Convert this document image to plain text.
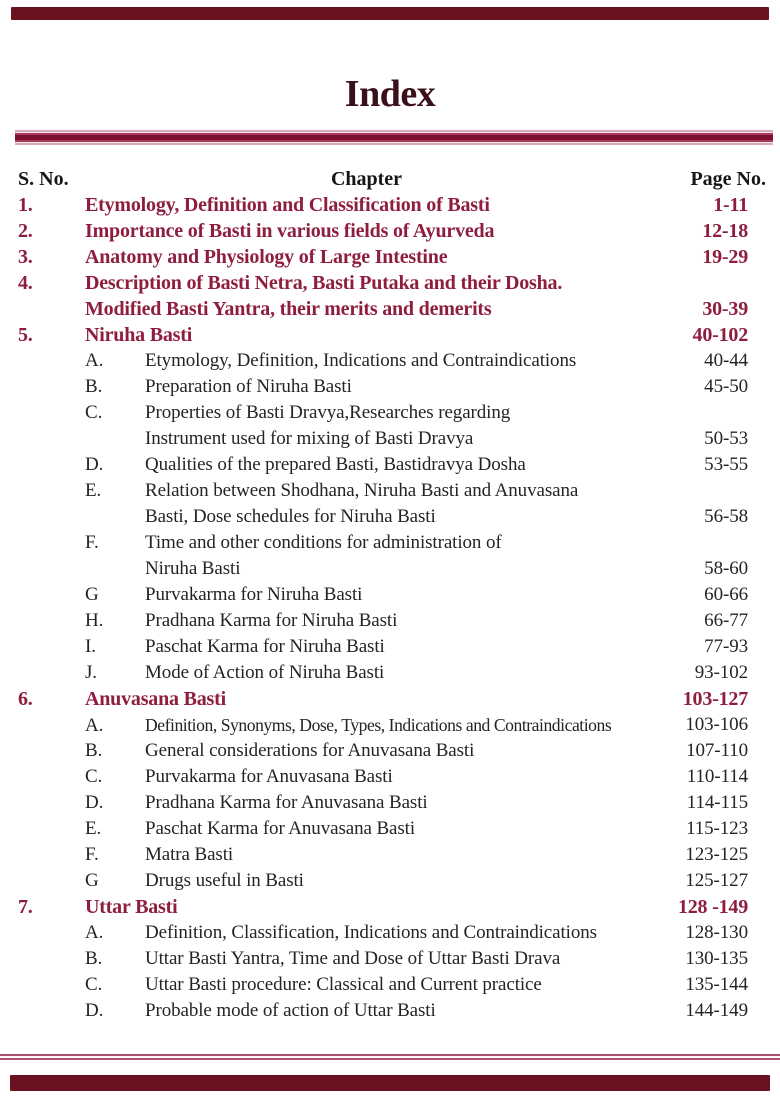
Index
S. No.	Chapter	Page No.
1.	Etymology, Definition and Classification of Basti	1-11
2.	Importance of Basti in various fields of Ayurveda	12-18
3.	Anatomy and Physiology of Large Intestine	19-29
4.	Description of Basti Netra, Basti Putaka and their Dosha.
Modified Basti Yantra, their merits and demerits	30-39
5.	Niruha Basti	40-102
A. Etymology, Definition, Indications and Contraindications	40-44
B. Preparation of Niruha Basti	45-50
C. Properties of Basti Dravya,Researches regarding
Instrument used for mixing of Basti Dravya	50-53
D. Qualities of the prepared Basti, Bastidravya Dosha	53-55
E. Relation between Shodhana, Niruha Basti and Anuvasana
Basti, Dose schedules for Niruha Basti	56-58
F. Time and other conditions for administration of
Niruha Basti	58-60
G Purvakarma for Niruha Basti	60-66
H. Pradhana Karma for Niruha Basti	66-77
I.	Paschat Karma for Niruha Basti	77-93
J.	Mode of Action of Niruha Basti	93-102
6.	Anuvasana Basti	103-127
A. Definition, Synonyms, Dose, Types, Indications and Contraindications	103-106
B. General considerations for Anuvasana Basti	107-110
C. Purvakarma for Anuvasana Basti	110-114
D. Pradhana Karma for Anuvasana Basti	114-115
E. Paschat Karma for Anuvasana Basti	115-123
F. Matra Basti	123-125
G Drugs useful in Basti	125-127
7.	Uttar Basti	128 -149
A. Definition, Classification, Indications and Contraindications	128-130
B. Uttar Basti Yantra, Time and Dose of Uttar Basti Drava	130-135
C. Uttar Basti procedure: Classical and Current practice	135-144
D. Probable mode of action of Uttar Basti	144-149
